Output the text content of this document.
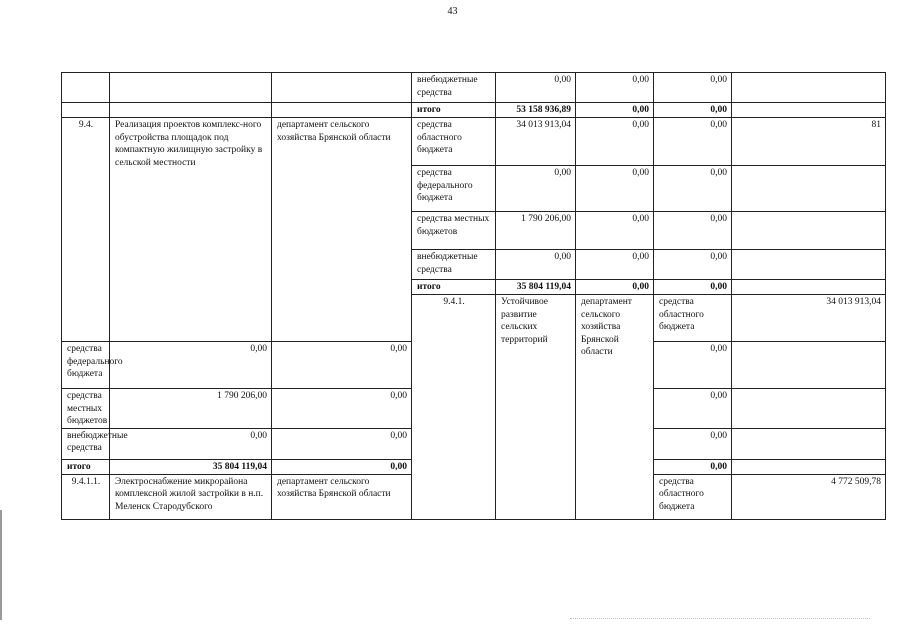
43
			внебюджетные средства	0,00	0,00	0,00		
			итого	53 158 936,89	0,00	0,00		
9.4.	Реализация проектов комплекс-ного обустройства площадок под компактную жилищную застройку в сельской местности	департамент сельского хозяйства Брянской области	средства областного бюджета	34 013 913,04	0,00	0,00	81	
			средства федерального бюджета	0,00	0,00	0,00		
			средства местных бюджетов	1 790 206,00	0,00	0,00		
			внебюджетные средства	0,00	0,00	0,00		
			итого	35 804 119,04	0,00	0,00		
			9.4.1.	Устойчивое развитие сельских территорий	департамент сельского хозяйства Брянской области	средства областного бюджета	34 013 913,04			
средства федерального бюджета	0,00	0,00				0,00		
средства местных бюджетов	1 790 206,00	0,00				0,00		
внебюджетные средства	0,00	0,00				0,00		
итого	35 804 119,04	0,00				0,00		
9.4.1.1.	Электроснабжение микрорайона комплексной жилой застройки в н.п. Меленск Стародубского	департамент сельского хозяйства Брянской области				средства областного бюджета	4 772 509,78			
